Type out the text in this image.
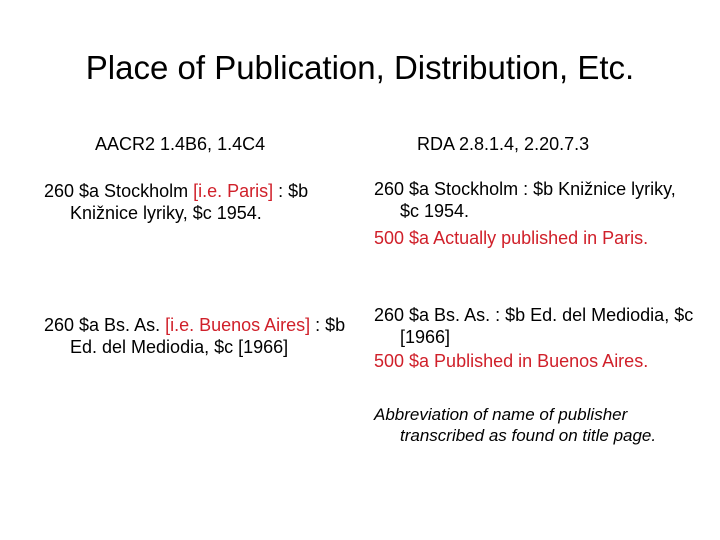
Place of Publication, Distribution, Etc.
AACR2 1.4B6, 1.4C4

260 $a Stockholm [i.e. Paris] : $b Knižnice lyriky, $c 1954.

260 $a Bs. As. [i.e. Buenos Aires] : $b Ed. del Mediodia, $c [1966]

RDA 2.8.1.4, 2.20.7.3

260 $a Stockholm : $b Knižnice lyriky, $c 1954.

500 $a Actually published in Paris.

260 $a Bs. As. : $b Ed. del Mediodia, $c [1966]

500 $a Published in Buenos Aires.

Abbreviation of name of publisher transcribed as found on title page.
